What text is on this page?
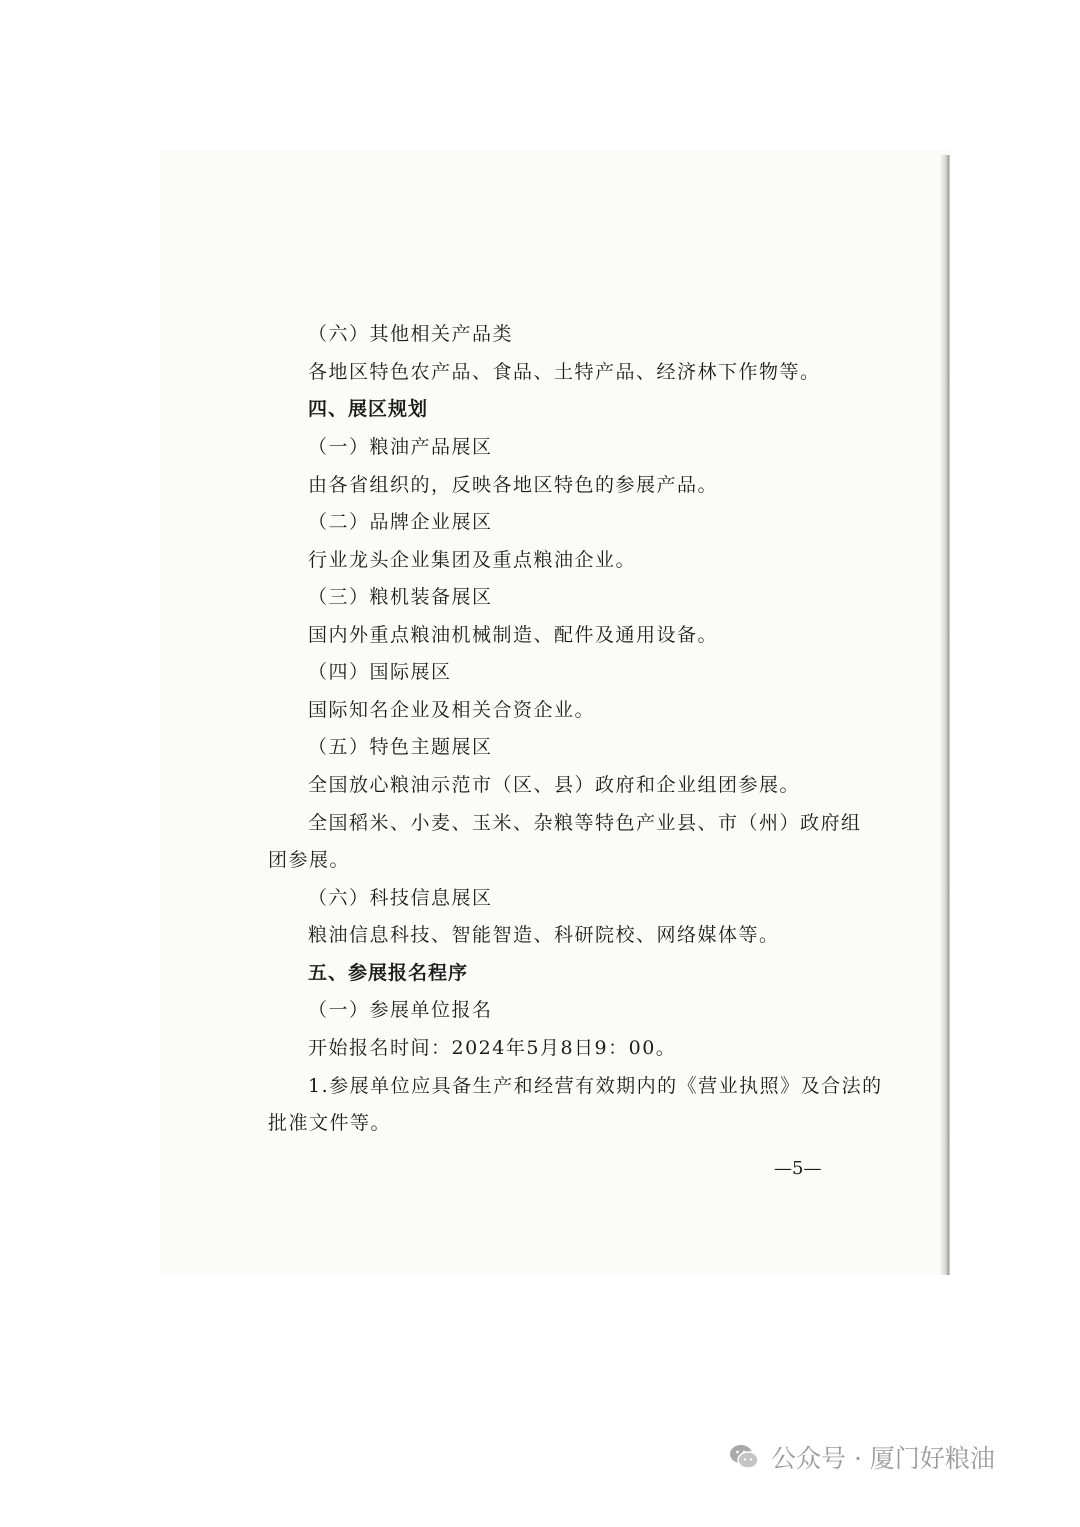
（六）其他相关产品类
各地区特色农产品、食品、土特产品、经济林下作物等。
四、展区规划
（一）粮油产品展区
由各省组织的，反映各地区特色的参展产品。
（二）品牌企业展区
行业龙头企业集团及重点粮油企业。
（三）粮机装备展区
国内外重点粮油机械制造、配件及通用设备。
（四）国际展区
国际知名企业及相关合资企业。
（五）特色主题展区
全国放心粮油示范市（区、县）政府和企业组团参展。
全国稻米、小麦、玉米、杂粮等特色产业县、市（州）政府组
团参展。
（六）科技信息展区
粮油信息科技、智能智造、科研院校、网络媒体等。
五、参展报名程序
（一）参展单位报名
开始报名时间：2024年5月8日9：00。
1.参展单位应具备生产和经营有效期内的《营业执照》及合法的
批准文件等。
—5—
公众号 · 厦门好粮油
